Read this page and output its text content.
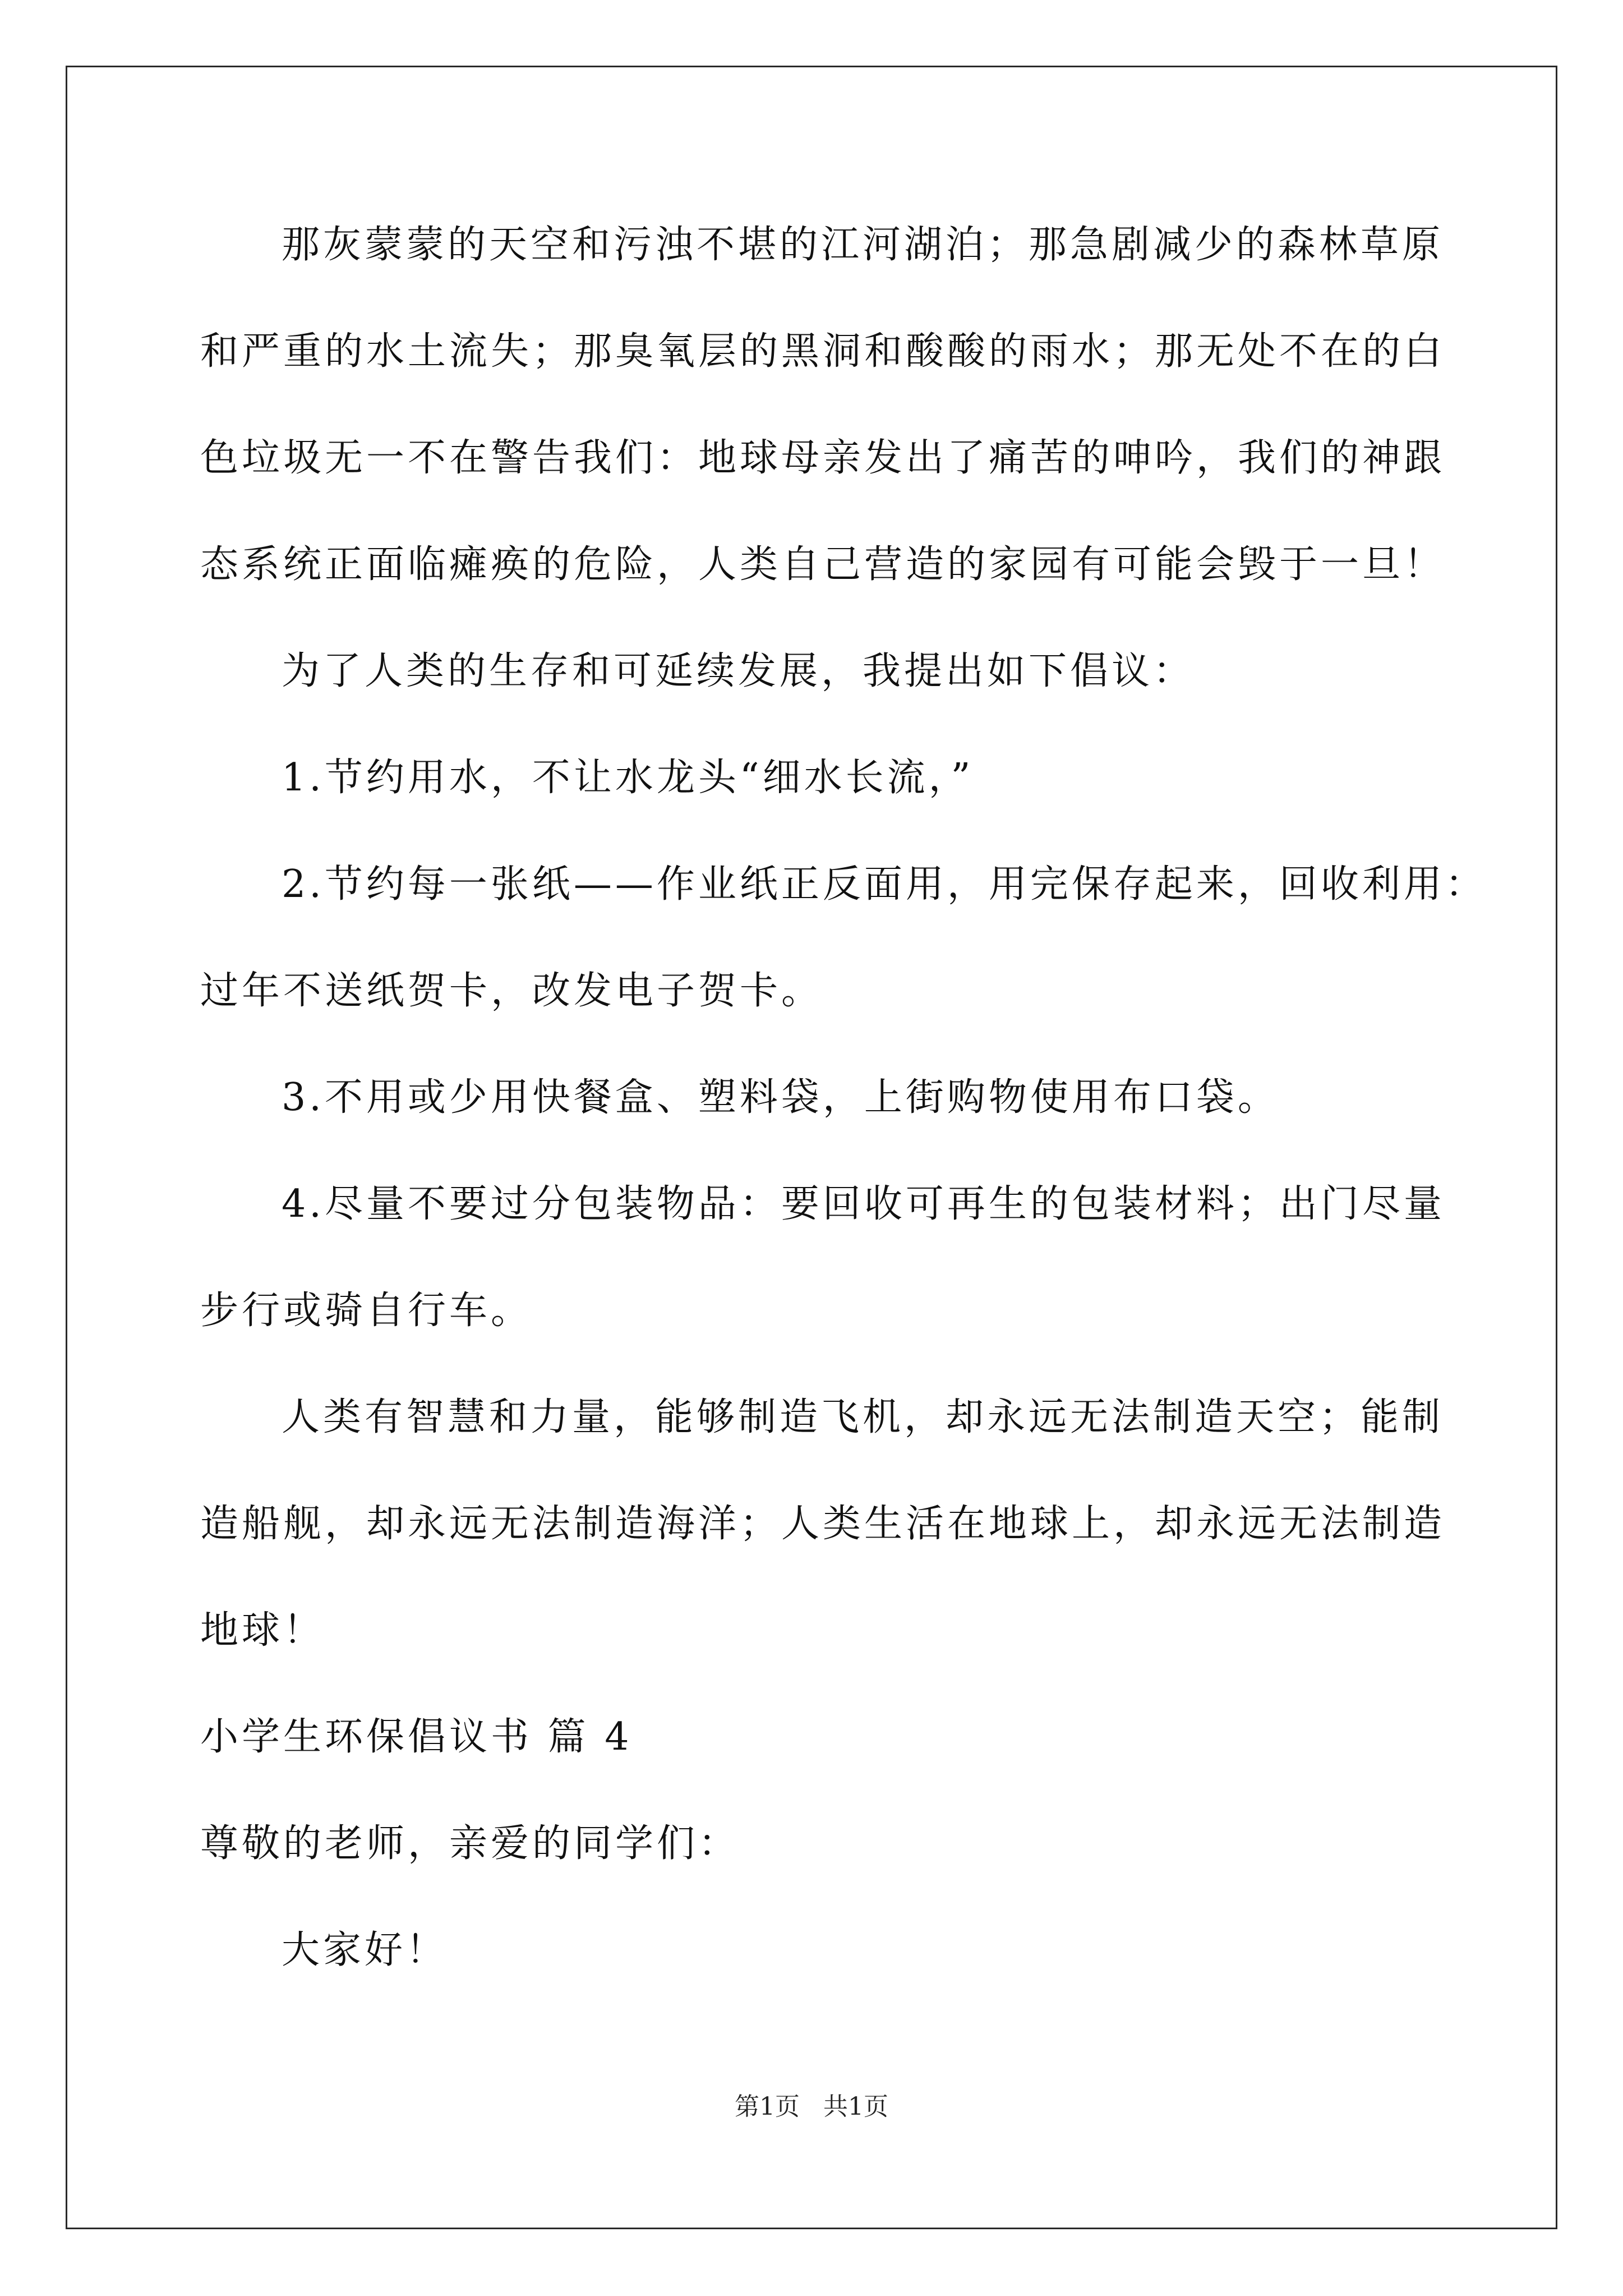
那灰蒙蒙的天空和污浊不堪的江河湖泊；那急剧减少的森林草原
和严重的水土流失；那臭氧层的黑洞和酸酸的雨水；那无处不在的白
色垃圾无一不在警告我们：地球母亲发出了痛苦的呻吟，我们的神跟
态系统正面临瘫痪的危险，人类自己营造的家园有可能会毁于一旦！
为了人类的生存和可延续发展，我提出如下倡议：
1.节约用水，不让水龙头“细水长流，”
2.节约每一张纸——作业纸正反面用，用完保存起来，回收利用：
过年不送纸贺卡，改发电子贺卡。
3.不用或少用快餐盒、塑料袋，上街购物使用布口袋。
4.尽量不要过分包装物品：要回收可再生的包装材料；出门尽量
步行或骑自行车。
人类有智慧和力量，能够制造飞机，却永远无法制造天空；能制
造船舰，却永远无法制造海洋；人类生活在地球上，却永远无法制造
地球！
小学生环保倡议书 篇 4
尊敬的老师，亲爱的同学们：
大家好！
第1页   共1页
